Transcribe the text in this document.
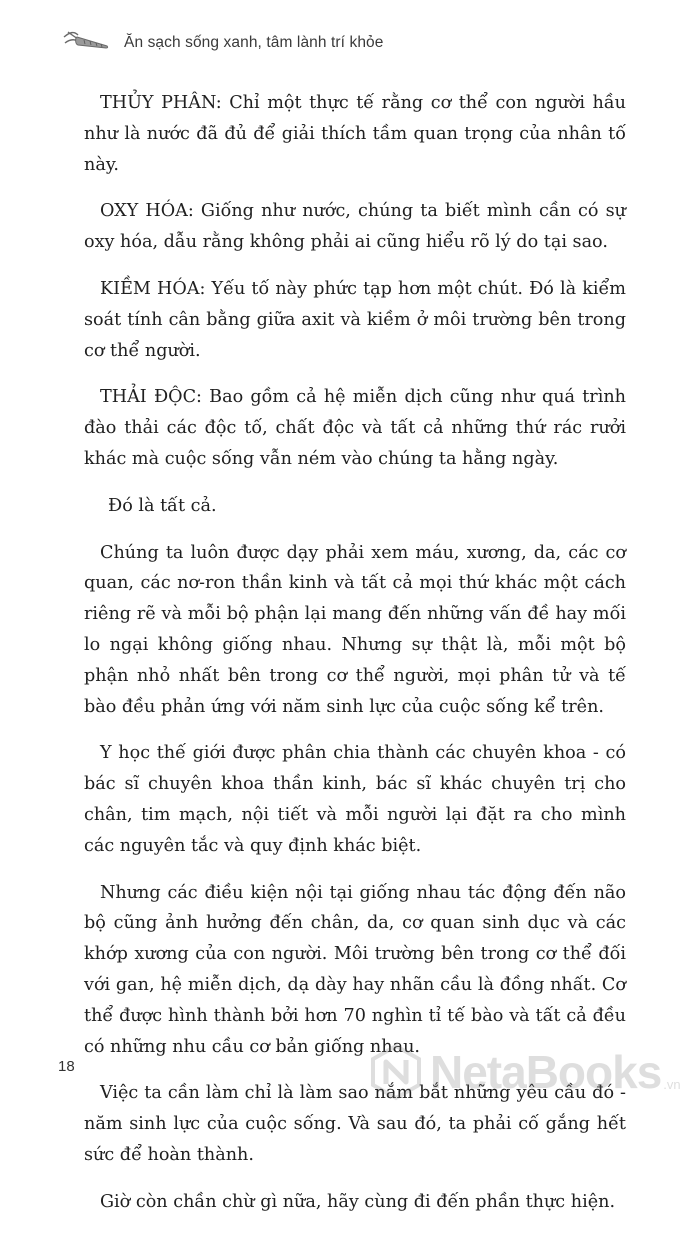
Ăn sạch sống xanh, tâm lành trí khỏe

THỦY PHÂN: Chỉ một thực tế rằng cơ thể con người hầu như là nước đã đủ để giải thích tầm quan trọng của nhân tố này.

OXY HÓA: Giống như nước, chúng ta biết mình cần có sự oxy hóa, dẫu rằng không phải ai cũng hiểu rõ lý do tại sao.

KIỀM HÓA: Yếu tố này phức tạp hơn một chút. Đó là kiểm soát tính cân bằng giữa axit và kiềm ở môi trường bên trong cơ thể người.

THẢI ĐỘC: Bao gồm cả hệ miễn dịch cũng như quá trình đào thải các độc tố, chất độc và tất cả những thứ rác rưởi khác mà cuộc sống vẫn ném vào chúng ta hằng ngày.

Đó là tất cả.

Chúng ta luôn được dạy phải xem máu, xương, da, các cơ quan, các nơ-ron thần kinh và tất cả mọi thứ khác một cách riêng rẽ và mỗi bộ phận lại mang đến những vấn đề hay mối lo ngại không giống nhau. Nhưng sự thật là, mỗi một bộ phận nhỏ nhất bên trong cơ thể người, mọi phân tử và tế bào đều phản ứng với năm sinh lực của cuộc sống kể trên.

Y học thế giới được phân chia thành các chuyên khoa - có bác sĩ chuyên khoa thần kinh, bác sĩ khác chuyên trị cho chân, tim mạch, nội tiết và mỗi người lại đặt ra cho mình các nguyên tắc và quy định khác biệt.

Nhưng các điều kiện nội tại giống nhau tác động đến não bộ cũng ảnh hưởng đến chân, da, cơ quan sinh dục và các khớp xương của con người. Môi trường bên trong cơ thể đối với gan, hệ miễn dịch, dạ dày hay nhãn cầu là đồng nhất. Cơ thể được hình thành bởi hơn 70 nghìn tỉ tế bào và tất cả đều có những nhu cầu cơ bản giống nhau.

Việc ta cần làm chỉ là làm sao nắm bắt những yêu cầu đó - năm sinh lực của cuộc sống. Và sau đó, ta phải cố gắng hết sức để hoàn thành.

Giờ còn chần chừ gì nữa, hãy cùng đi đến phần thực hiện.

18	NetaBooks .vn
